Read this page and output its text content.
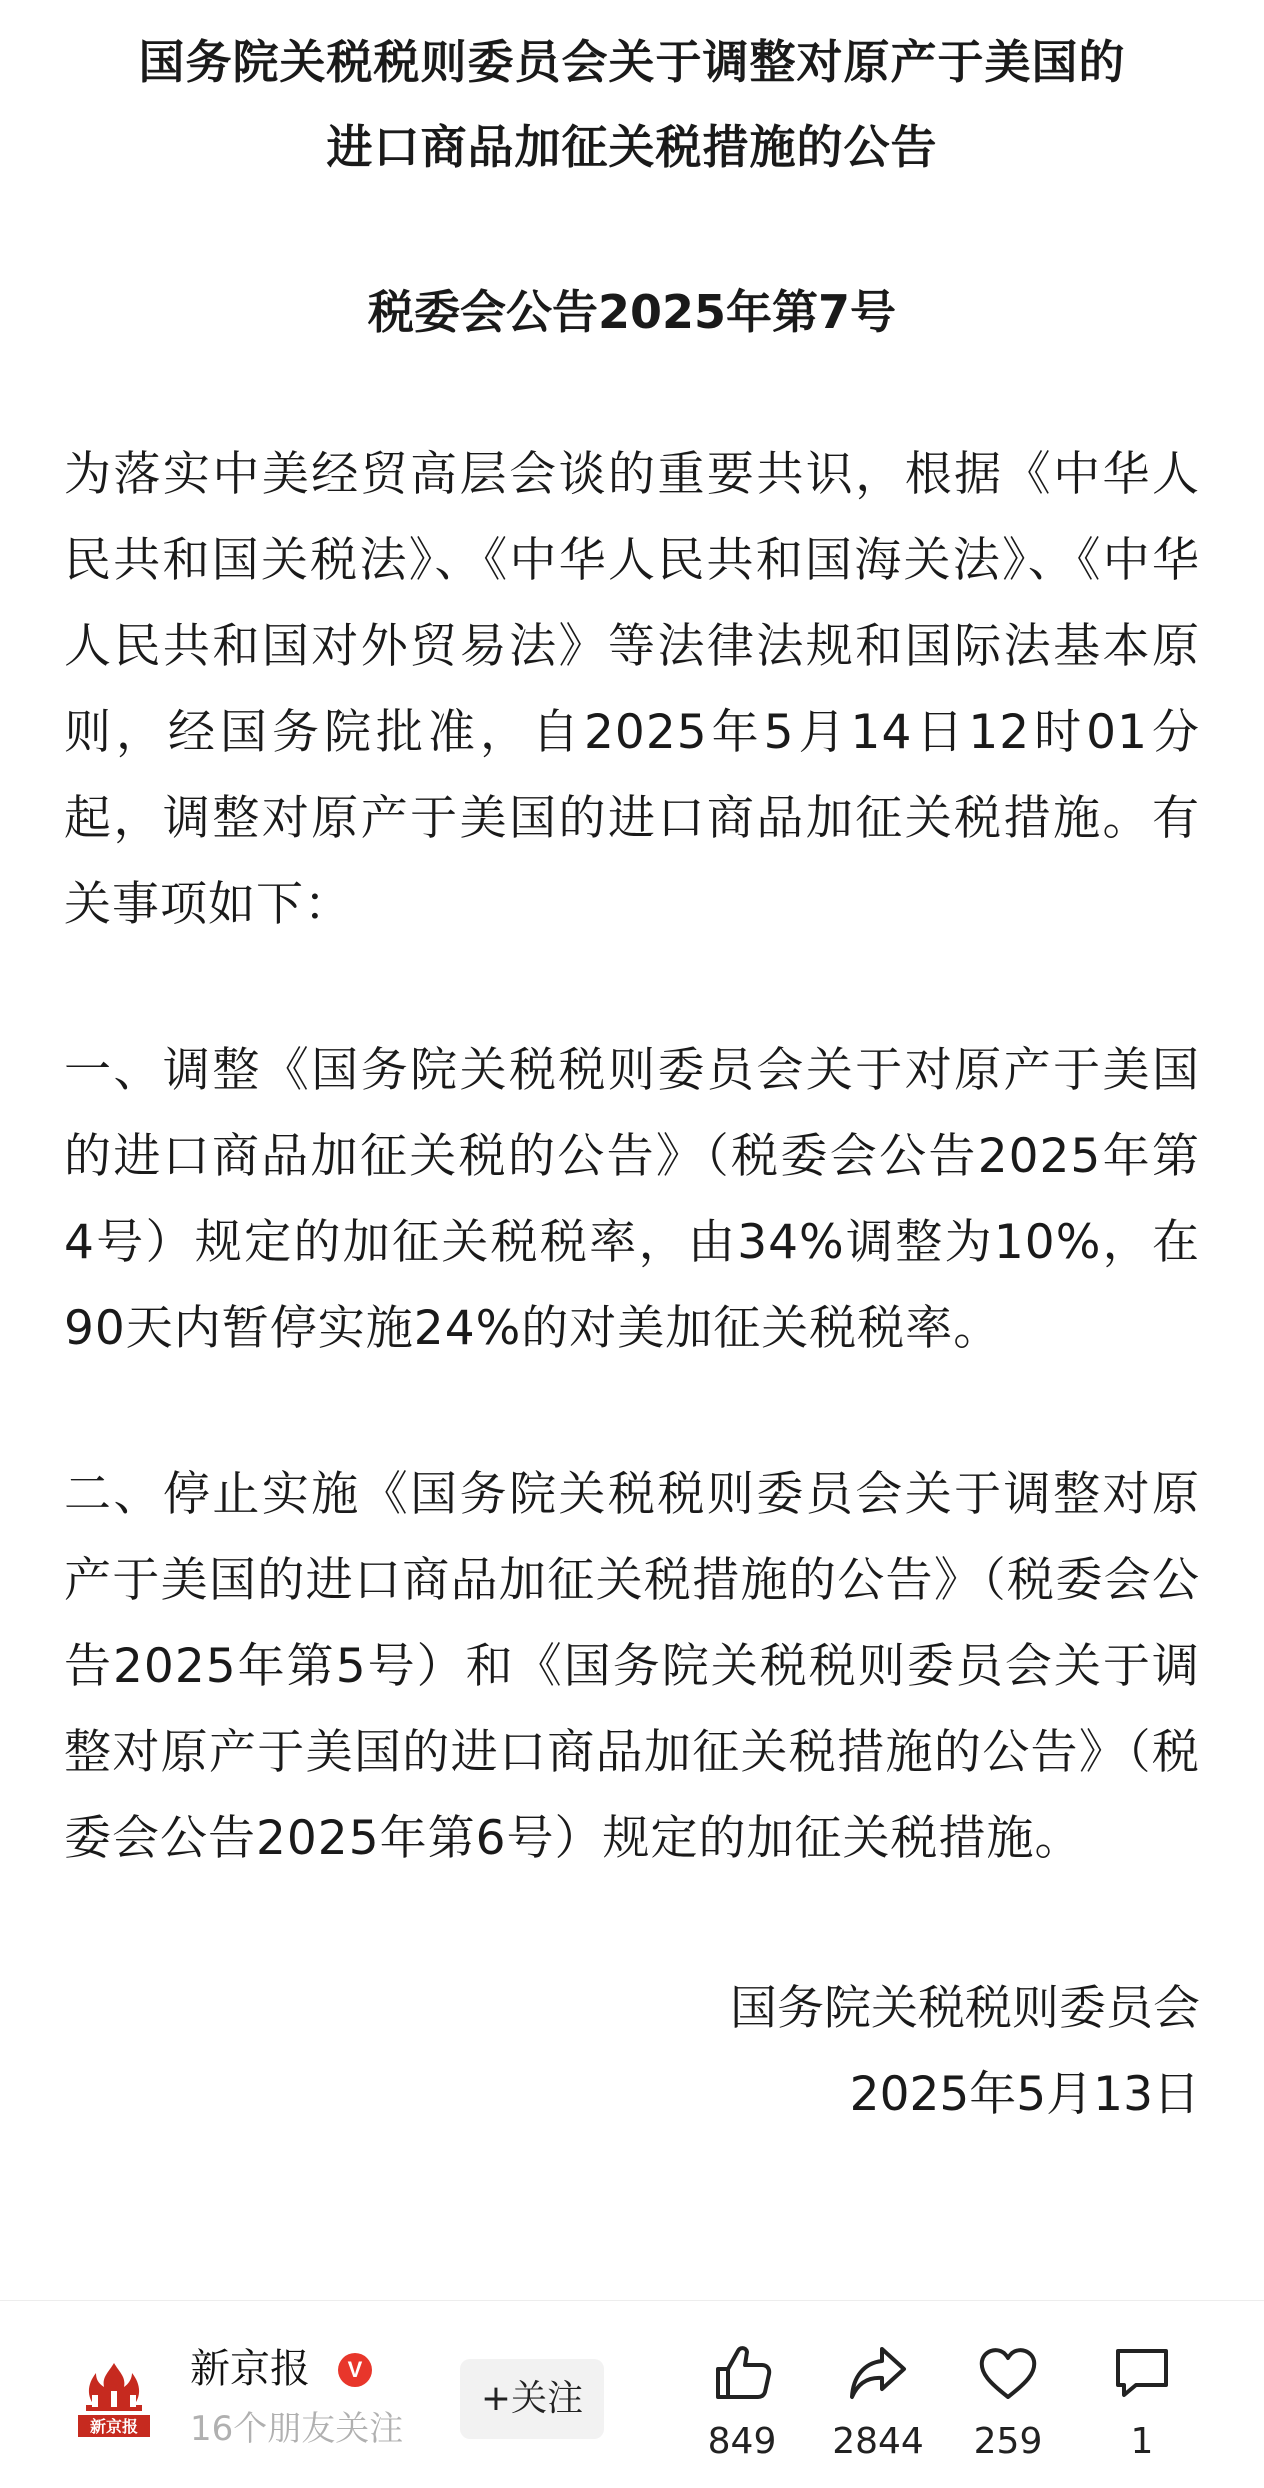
国务院关税税则委员会关于调整对原产于美国的
进口商品加征关税措施的公告
税委会公告2025年第7号

为落实中美经贸高层会谈的重要共识，根据《中华人民共和国关税法》、《中华人民共和国海关法》、《中华人民共和国对外贸易法》等法律法规和国际法基本原则，经国务院批准，自2025年5月14日12时01分起，调整对原产于美国的进口商品加征关税措施。有关事项如下：

一、调整《国务院关税税则委员会关于对原产于美国的进口商品加征关税的公告》（税委会公告2025年第4号）规定的加征关税税率，由34%调整为10%，在90天内暂停实施24%的对美加征关税税率。

二、停止实施《国务院关税税则委员会关于调整对原产于美国的进口商品加征关税措施的公告》（税委会公告2025年第5号）和《国务院关税税则委员会关于调整对原产于美国的进口商品加征关税措施的公告》（税委会公告2025年第6号）规定的加征关税措施。

国务院关税税则委员会

2025年5月13日

新京报
新京报	V
16个朋友关注
+关注
849	2844	259	1
